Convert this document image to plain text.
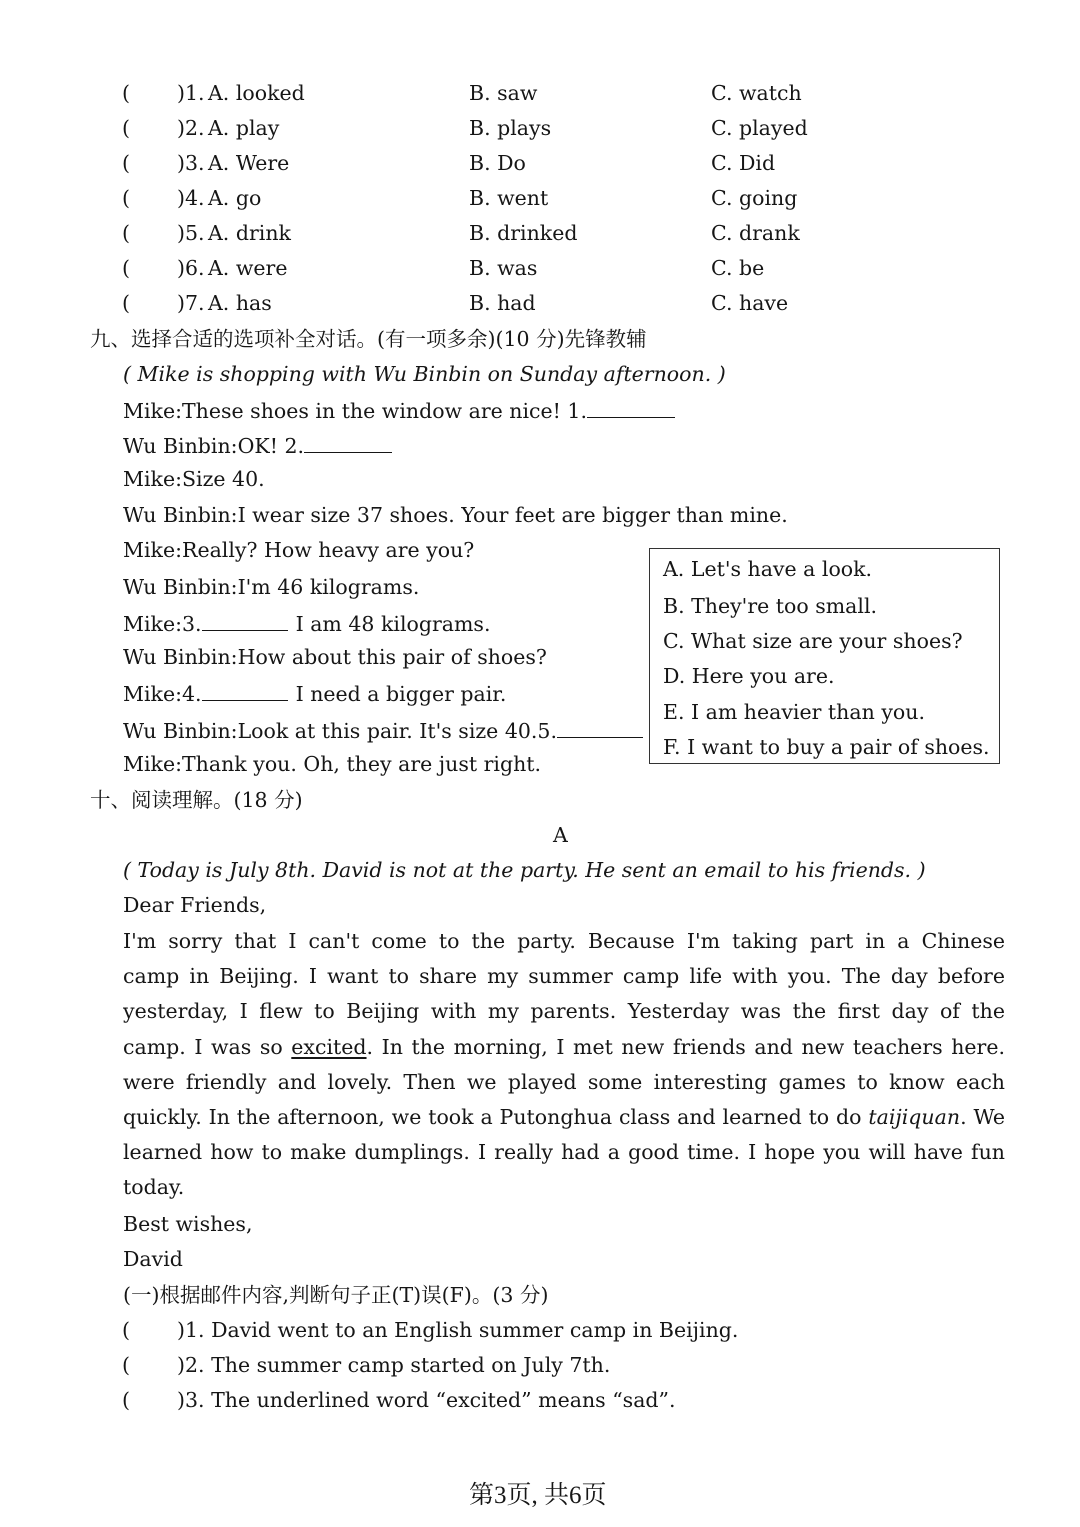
( )1. A. looked	B. saw	C. watch
( )2. A. play	B. plays	C. played
( )3. A. Were	B. Do	C. Did
( )4. A. go	B. went	C. going
( )5. A. drink	B. drinked	C. drank
( )6. A. were	B. was	C. be
( )7. A. has	B. had	C. have
九、选择合适的选项补全对话。(有一项多余)(10 分)先锋教辅
( Mike is shopping with Wu Binbin on Sunday afternoon. )
Mike:These shoes in the window are nice! 1.
Wu Binbin:OK! 2.
Mike:Size 40.
Wu Binbin:I wear size 37 shoes. Your feet are bigger than mine.
Mike:Really? How heavy are you?
Wu Binbin:I'm 46 kilograms.
Mike:3.	I am 48 kilograms.
Wu Binbin:How about this pair of shoes?
Mike:4.	I need a bigger pair.
Wu Binbin:Look at this pair. It's size 40.5.
Mike:Thank you. Oh, they are just right.
A. Let's have a look.
B. They're too small.
C. What size are your shoes?
D. Here you are.
E. I am heavier than you.
F. I want to buy a pair of shoes.
十、阅读理解。(18 分)
A
( Today is July 8th. David is not at the party. He sent an email to his friends. )
Dear Friends,
I'm sorry that I can't come to the party. Because I'm taking part in a Chinese
camp in Beijing. I want to share my summer camp life with you. The day before
yesterday, I flew to Beijing with my parents. Yesterday was the first day of the
camp. I was so excited. In the morning, I met new friends and new teachers here.
were friendly and lovely. Then we played some interesting games to know each
quickly. In the afternoon, we took a Putonghua class and learned to do taijiquan. We
learned how to make dumplings. I really had a good time. I hope you will have fun
today.
Best wishes,
David
(一)根据邮件内容,判断句子正(T)误(F)。(3 分)
( )1. David went to an English summer camp in Beijing.
( )2. The summer camp started on July 7th.
( )3. The underlined word “excited” means “sad”.
第3页, 共6页
